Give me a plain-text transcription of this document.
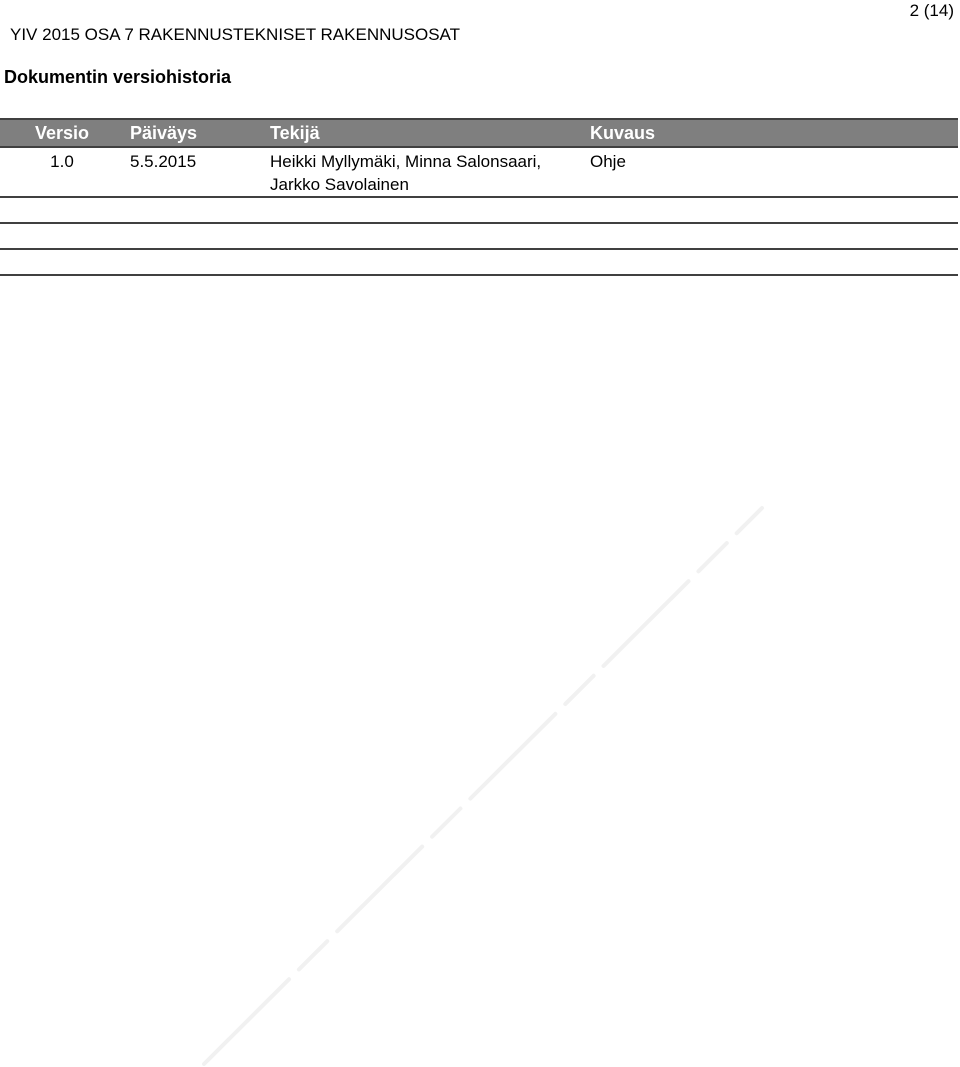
2 (14)
YIV 2015 OSA 7 RAKENNUSTEKNISET RAKENNUSOSAT
Dokumentin versiohistoria
Versio	Päiväys	Tekijä	Kuvaus
1.0	5.5.2015	Heikki Myllymäki, Minna Salonsaari, Jarkko Savolainen	Ohje
